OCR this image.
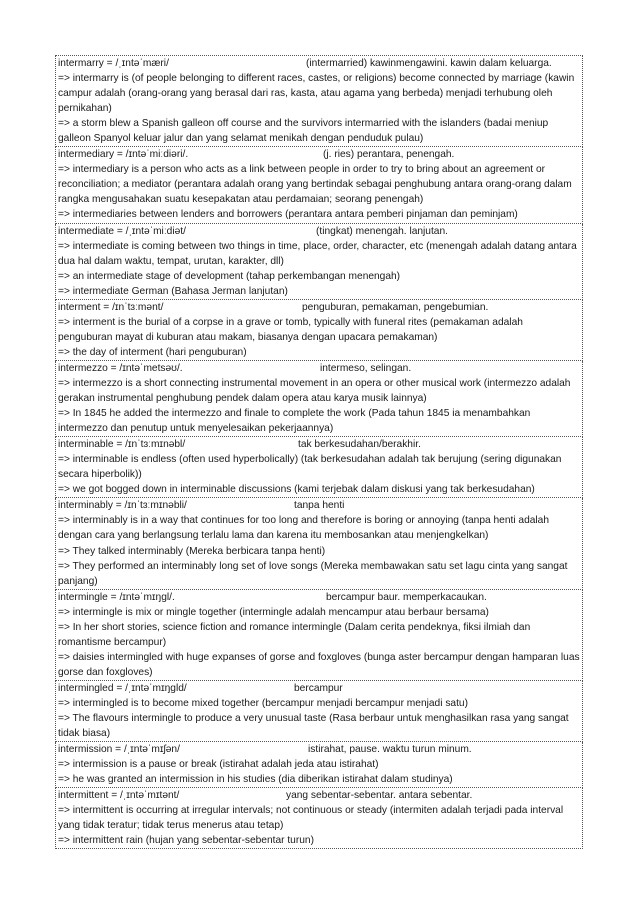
intermarry = /ˌɪntəˈmæri/	(intermarried) kawinmengawini. kawin dalam keluarga.
=> intermarry is (of people belonging to different races, castes, or religions) become connected by marriage (kawin campur adalah (orang-orang yang berasal dari ras, kasta, atau agama yang berbeda) menjadi terhubung oleh pernikahan)
=> a storm blew a Spanish galleon off course and the survivors intermarried with the islanders (badai meniup galleon Spanyol keluar jalur dan yang selamat menikah dengan penduduk pulau)
intermediary = /ɪntəˈmiːdiəri/.	(j. ries) perantara, penengah.
=> intermediary is a person who acts as a link between people in order to try to bring about an agreement or reconciliation; a mediator (perantara adalah orang yang bertindak sebagai penghubung antara orang-orang dalam rangka mengusahakan suatu kesepakatan atau perdamaian; seorang penengah)
=> intermediaries between lenders and borrowers (perantara antara pemberi pinjaman dan peminjam)
intermediate = /ˌɪntəˈmiːdiət/	(tingkat) menengah. lanjutan.
=> intermediate is coming between two things in time, place, order, character, etc (menengah adalah datang antara dua hal dalam waktu, tempat, urutan, karakter, dll)
=> an intermediate stage of development (tahap perkembangan menengah)
=> intermediate German (Bahasa Jerman lanjutan)
interment = /ɪnˈtɜːmənt/	penguburan, pemakaman, pengebumian.
=> interment is the burial of a corpse in a grave or tomb, typically with funeral rites (pemakaman adalah penguburan mayat di kuburan atau makam, biasanya dengan upacara pemakaman)
=> the day of interment (hari penguburan)
intermezzo = /ɪntəˈmetsəʊ/.	intermeso, selingan.
=> intermezzo is a short connecting instrumental movement in an opera or other musical work (intermezzo adalah gerakan instrumental penghubung pendek dalam opera atau karya musik lainnya)
=> In 1845 he added the intermezzo and finale to complete the work (Pada tahun 1845 ia menambahkan intermezzo dan penutup untuk menyelesaikan pekerjaannya)
interminable = /ɪnˈtɜːmɪnəbl/	tak berkesudahan/berakhir.
=> interminable is endless (often used hyperbolically) (tak berkesudahan adalah tak berujung (sering digunakan secara hiperbolik))
=> we got bogged down in interminable discussions (kami terjebak dalam diskusi yang tak berkesudahan)
interminably = /ɪnˈtɜːmɪnəbli/	tanpa henti
=> interminably is in a way that continues for too long and therefore is boring or annoying (tanpa henti adalah dengan cara yang berlangsung terlalu lama dan karena itu membosankan atau menjengkelkan)
=> They talked interminably (Mereka berbicara tanpa henti)
=> They performed an interminably long set of love songs (Mereka membawakan satu set lagu cinta yang sangat panjang)
intermingle = /ɪntəˈmɪŋgl/.	bercampur baur. memperkacaukan.
=> intermingle is mix or mingle together (intermingle adalah mencampur atau berbaur bersama)
=> In her short stories, science fiction and romance intermingle (Dalam cerita pendeknya, fiksi ilmiah dan romantisme bercampur)
=> daisies intermingled with huge expanses of gorse and foxgloves (bunga aster bercampur dengan hamparan luas gorse dan foxgloves)
intermingled = /ˌɪntəˈmɪŋgld/	bercampur
=> intermingled is to become mixed together (bercampur menjadi bercampur menjadi satu)
=> The flavours intermingle to produce a very unusual taste (Rasa berbaur untuk menghasilkan rasa yang sangat tidak biasa)
intermission = /ˌɪntəˈmɪʃən/	istirahat, pause. waktu turun minum.
=> intermission is a pause or break (istirahat adalah jeda atau istirahat)
=> he was granted an intermission in his studies (dia diberikan istirahat dalam studinya)
intermittent = /ˌɪntəˈmɪtənt/	yang sebentar-sebentar. antara sebentar.
=> intermittent is occurring at irregular intervals; not continuous or steady (intermiten adalah terjadi pada interval yang tidak teratur; tidak terus menerus atau tetap)
=> intermittent rain (hujan yang sebentar-sebentar turun)
